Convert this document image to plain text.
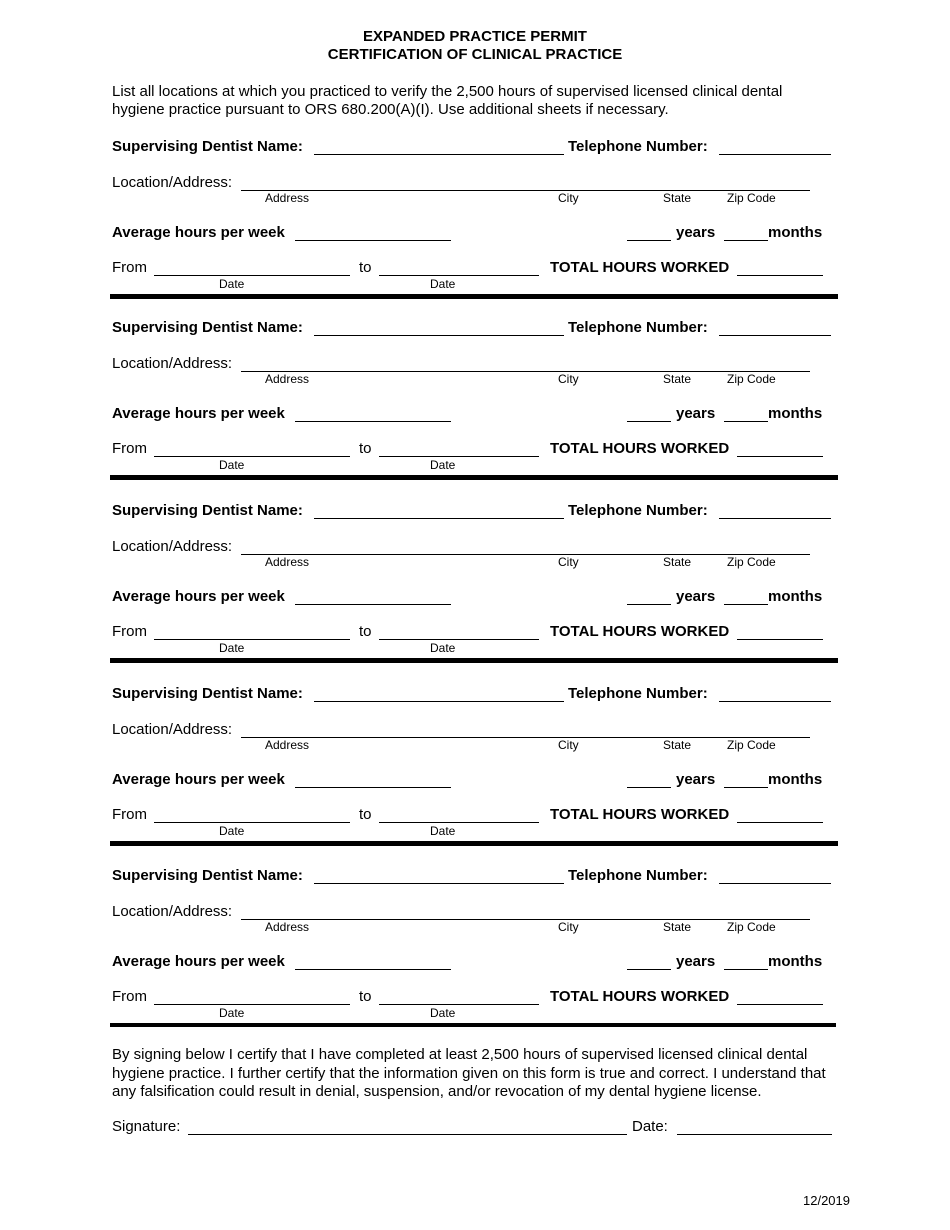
EXPANDED PRACTICE PERMIT
CERTIFICATION OF CLINICAL PRACTICE
List all locations at which you practiced to verify the 2,500 hours of supervised licensed clinical dental hygiene practice pursuant to ORS 680.200(A)(I). Use additional sheets if necessary.
Supervising Dentist Name:	Telephone Number:
Location/Address:
Address	City	State	Zip Code
Average hours per week	years	months
From
Date
to
Date
TOTAL HOURS WORKED
Supervising Dentist Name:	Telephone Number:
Location/Address:
Address	City	State	Zip Code
Average hours per week	years	months
From
Date
to
Date
TOTAL HOURS WORKED
Supervising Dentist Name:	Telephone Number:
Location/Address:
Address	City	State	Zip Code
Average hours per week	years	months
From
Date
to
Date
TOTAL HOURS WORKED
Supervising Dentist Name:	Telephone Number:
Location/Address:
Address	City	State	Zip Code
Average hours per week	years	months
From
Date
to
Date
TOTAL HOURS WORKED
Supervising Dentist Name:	Telephone Number:
Location/Address:
Address	City	State	Zip Code
Average hours per week	years	months
From
Date
to
Date
TOTAL HOURS WORKED
By signing below I certify that I have completed at least 2,500 hours of supervised licensed clinical dental hygiene practice. I further certify that the information given on this form is true and correct. I understand that any falsification could result in denial, suspension, and/or revocation of my dental hygiene license.
Signature:	Date:
12/2019
